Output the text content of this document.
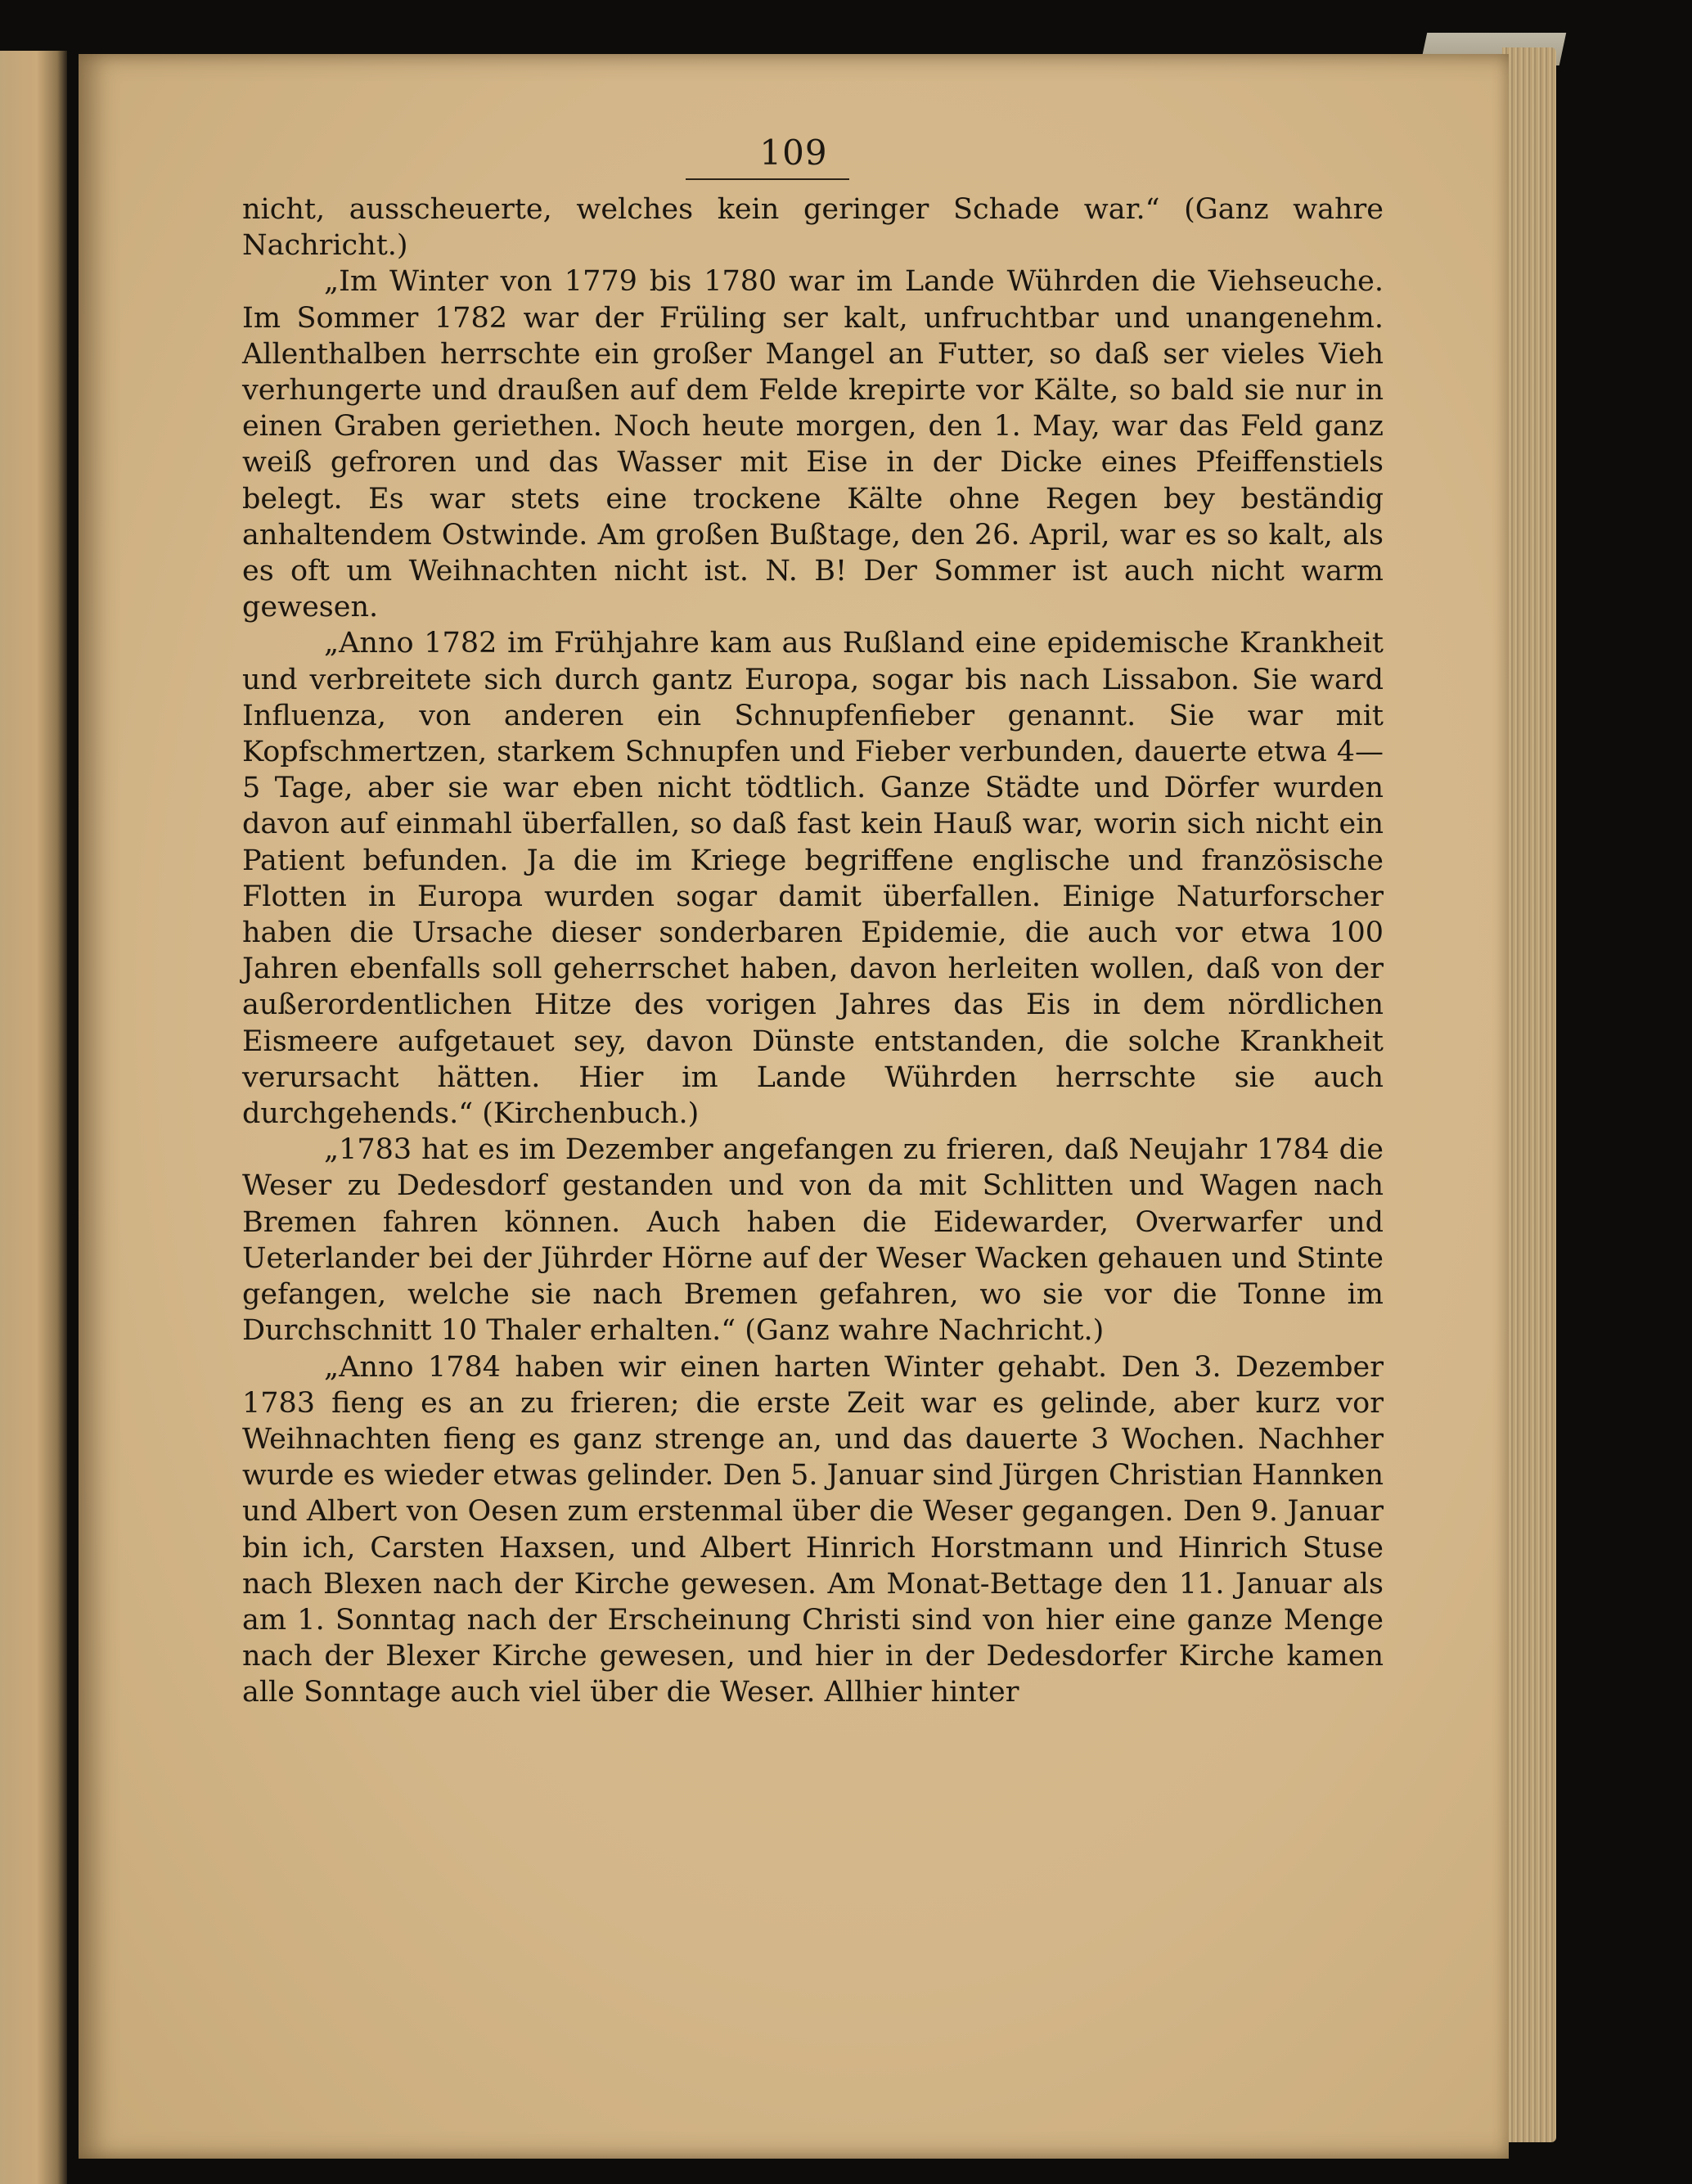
109

nicht, ausscheuerte, welches kein geringer Schade war.“ (Ganz wahre Nachricht.)

„Im Winter von 1779 bis 1780 war im Lande Wührden die Viehseuche. Im Sommer 1782 war der Früling ser kalt, unfruchtbar und unangenehm. Allenthalben herrschte ein großer Mangel an Futter, so daß ser vieles Vieh verhungerte und draußen auf dem Felde krepirte vor Kälte, so bald sie nur in einen Graben geriethen. Noch heute morgen, den 1. May, war das Feld ganz weiß gefroren und das Wasser mit Eise in der Dicke eines Pfeiffenstiels belegt. Es war stets eine trockene Kälte ohne Regen bey beständig anhaltendem Ostwinde. Am großen Bußtage, den 26. April, war es so kalt, als es oft um Weihnachten nicht ist. N. B! Der Sommer ist auch nicht warm gewesen.

„Anno 1782 im Frühjahre kam aus Rußland eine epidemische Krankheit und verbreitete sich durch gantz Europa, sogar bis nach Lissabon. Sie ward Influenza, von anderen ein Schnupfenfieber genannt. Sie war mit Kopfschmertzen, starkem Schnupfen und Fieber verbunden, dauerte etwa 4—5 Tage, aber sie war eben nicht tödtlich. Ganze Städte und Dörfer wurden davon auf einmahl überfallen, so daß fast kein Hauß war, worin sich nicht ein Patient befunden. Ja die im Kriege begriffene englische und französische Flotten in Europa wurden sogar damit überfallen. Einige Naturforscher haben die Ursache dieser sonderbaren Epidemie, die auch vor etwa 100 Jahren ebenfalls soll geherrschet haben, davon herleiten wollen, daß von der außerordentlichen Hitze des vorigen Jahres das Eis in dem nördlichen Eismeere aufgetauet sey, davon Dünste entstanden, die solche Krankheit verursacht hätten. Hier im Lande Wührden herrschte sie auch durchgehends.“ (Kirchenbuch.)

„1783 hat es im Dezember angefangen zu frieren, daß Neujahr 1784 die Weser zu Dedesdorf gestanden und von da mit Schlitten und Wagen nach Bremen fahren können. Auch haben die Eidewarder, Overwarfer und Ueterlander bei der Jührder Hörne auf der Weser Wacken gehauen und Stinte gefangen, welche sie nach Bremen gefahren, wo sie vor die Tonne im Durchschnitt 10 Thaler erhalten.“ (Ganz wahre Nachricht.)

„Anno 1784 haben wir einen harten Winter gehabt. Den 3. Dezember 1783 fieng es an zu frieren; die erste Zeit war es gelinde, aber kurz vor Weihnachten fieng es ganz strenge an, und das dauerte 3 Wochen. Nachher wurde es wieder etwas gelinder. Den 5. Januar sind Jürgen Christian Hannken und Albert von Oesen zum erstenmal über die Weser gegangen. Den 9. Januar bin ich, Carsten Haxsen, und Albert Hinrich Horstmann und Hinrich Stuse nach Blexen nach der Kirche gewesen. Am Monat-Bettage den 11. Januar als am 1. Sonntag nach der Erscheinung Christi sind von hier eine ganze Menge nach der Blexer Kirche gewesen, und hier in der Dedesdorfer Kirche kamen alle Sonntage auch viel über die Weser. Allhier hinter
